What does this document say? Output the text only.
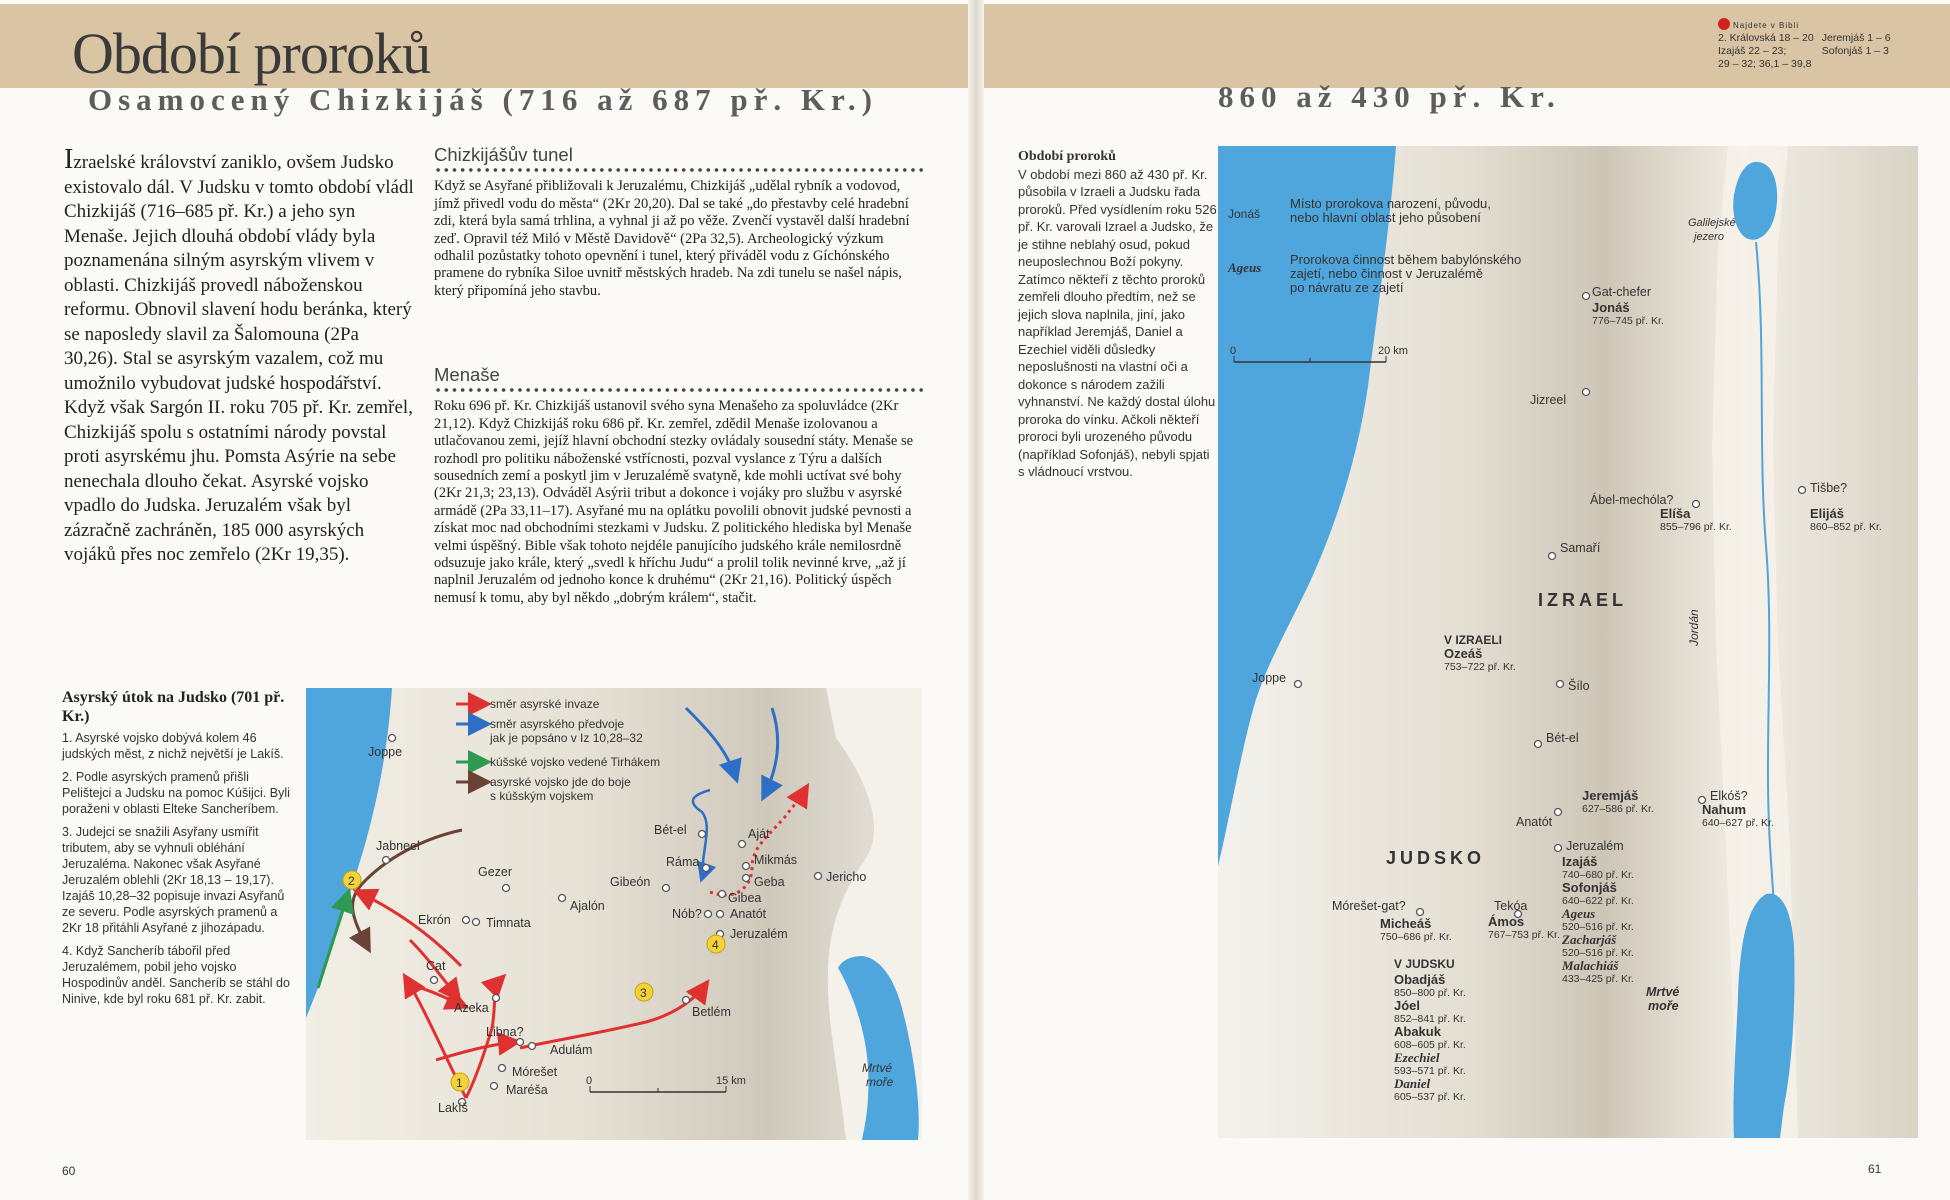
Období proroků
Osamocený Chizkijáš (716 až 687 př. Kr.)	860 až 430 př. Kr.
Najdete v Bibli
2. Královská 18 – 20
Izajáš 22 – 23;
29 – 32; 36,1 – 39,8
Jeremjáš 1 – 6
Sofonjáš 1 – 3
Izraelské království zaniklo, ovšem Judsko existovalo dál. V Judsku v tomto období vládl Chizkijáš (716–685 př. Kr.) a jeho syn Menaše. Jejich dlouhá období vlády byla poznamenána silným asyrským vlivem v oblasti. Chizkijáš provedl náboženskou reformu. Obnovil slavení hodu beránka, který se naposledy slavil za Šalomouna (2Pa 30,26). Stal se asyrským vazalem, což mu umožnilo vybudovat judské hospodářství. Když však Sargón II. roku 705 př. Kr. zemřel, Chizkijáš spolu s ostatními národy povstal proti asyrskému jhu. Pomsta Asýrie na sebe nenechala dlouho čekat. Asyrské vojsko vpadlo do Judska. Jeruzalém však byl zázračně zachráněn, 185 000 asyrských vojáků přes noc zemřelo (2Kr 19,35).
Chizkijášův tunel
Když se Asyřané přibližovali k Jeruzalému, Chizkijáš „udělal rybník a vodovod, jímž přivedl vodu do města“ (2Kr 20,20). Dal se také „do přestavby celé hradební zdi, která byla samá trhlina, a vyhnal ji až po věže. Zvenčí vystavěl další hradební zeď. Opravil též Miló v Městě Davidově“ (2Pa 32,5). Archeologický výzkum odhalil pozůstatky tohoto opevnění i tunel, který přiváděl vodu z Gíchónského pramene do rybníka Siloe uvnitř městských hradeb. Na zdi tunelu se našel nápis, který připomíná jeho stavbu.
Menaše
Roku 696 př. Kr. Chizkijáš ustanovil svého syna Menašeho za spoluvládce (2Kr 21,12). Když Chizkijáš roku 686 př. Kr. zemřel, zdědil Menaše izolovanou a utlačovanou zemi, jejíž hlavní obchodní stezky ovládaly sousední státy. Menaše se rozhodl pro politiku náboženské vstřícnosti, pozval vyslance z Týru a dalších sousedních zemí a poskytl jim v Jeruzalémě svatyně, kde mohli uctívat své bohy (2Kr 21,3; 23,13). Odváděl Asýrii tribut a dokonce i vojáky pro službu v asyrské armádě (2Pa 33,11–17). Asyřané mu na oplátku povolili obnovit judské pevnosti a získat moc nad obchodními stezkami v Judsku. Z politického hlediska byl Menaše velmi úspěšný. Bible však tohoto nejdéle panujícího judského krále nemilosrdně odsuzuje jako krále, který „svedl k hříchu Judu“ a prolil tolik nevinné krve, „až jí naplnil Jeruzalém od jednoho konce k druhému“ (2Kr 21,16). Politický úspěch nemusí k tomu, aby byl někdo „dobrým králem“, stačit.
Asyrský útok na Judsko (701 př. Kr.)

1. Asyrské vojsko dobývá kolem 46 judských měst, z nichž největší je Lakíš.

2. Podle asyrských pramenů přišli Pelištejci a Judsku na pomoc Kúšijci. Byli poraženi v oblasti Elteke Sancheríbem.

3. Judejci se snažili Asyřany usmířit tributem, aby se vyhnuli obléhání Jeruzaléma. Nakonec však Asyřané Jeruzalém oblehli (2Kr 18,13 – 19,17). Izajáš 10,28–32 popisuje invazi Asyřanů ze severu. Podle asyrských pramenů a 2Kr 18 přitáhli Asyřané z jihozápadu.

4. Když Sancheríb tábořil před Jeruzalémem, pobil jeho vojsko Hospodinův anděl. Sancheríb se stáhl do Ninive, kde byl roku 681 př. Kr. zabit.

Mrtvé
moře
směr asyrské invaze
směr asyrského předvoje
jak je popsáno v Iz 10,28–32
kúšské vojsko vedené Tirhákem
asyrské vojsko jde do boje
s kúšským vojskem
Joppe
Jabneel
Gezer
Ekrón	Timnata
Ajalón
Gibeón
Ráma
Bét-el	Aját
Mikmás
Geba
Gibea
Nób? Anatót
Jeruzalém
Jericho
Betlém
Cat
Azeka
Libna?
Adulám
Mórešet
Maréša
Lakíš
1
2
3
4
0	15 km
Období proroků
V období mezi 860 až 430 př. Kr. působila v Izraeli a Judsku řada proroků. Před vysídlením roku 526 př. Kr. varovali Izrael a Judsko, že je stihne neblahý osud, pokud neuposlechnou Boží pokyny. Zatímco někteří z těchto proroků zemřeli dlouho předtím, než se jejich slova naplnila, jiní, jako například Jeremjáš, Daniel a Ezechiel viděli důsledky neposlušnosti na vlastní oči a dokonce s národem zažili vyhnanství. Ne každý dostal úlohu proroka do vínku. Ačkoli někteří proroci byli urozeného původu (například Sofonjáš), nebyli spjati s vládnoucí vrstvou.
Galilejské
jezero
Mrtvé
moře
Jordán
Jonáš
Místo prorokova narození, původu,
nebo hlavní oblast jeho působení
Ageus
Prorokova činnost během babylónského
zajetí, nebo činnost v Jeruzalémě
po návratu ze zajetí
0	20 km
IZRAEL
JUDSKO
V IZRAELI
V JUDSKU
Gat-chefer
Jizreel
Ábel-mechóla?
Tišbe?
Samaří
Joppe
Šílo
Bét-el
Anatót
Jeruzalém
Elkóš?
Mórešet-gat?	Tekóa
Jonáš
776–745 př. Kr.
Elíša
855–796 př. Kr.
Elijáš
860–852 př. Kr.
Ozeáš
753–722 př. Kr.
Jeremjáš
627–586 př. Kr.	Nahum
640–627 př. Kr.
Izajáš
740–680 př. Kr.
Sofonjáš
640–622 př. Kr.
Ageus
520–516 př. Kr.
Zacharjáš
520–516 př. Kr.
Malachiáš
433–425 př. Kr.
Micheáš
750–686 př. Kr.
Ámos
767–753 př. Kr.
Obadjáš
850–800 př. Kr.
Jóel
852–841 př. Kr.
Abakuk
608–605 př. Kr.
Ezechiel
593–571 př. Kr.
Daniel
605–537 př. Kr.
60	61
